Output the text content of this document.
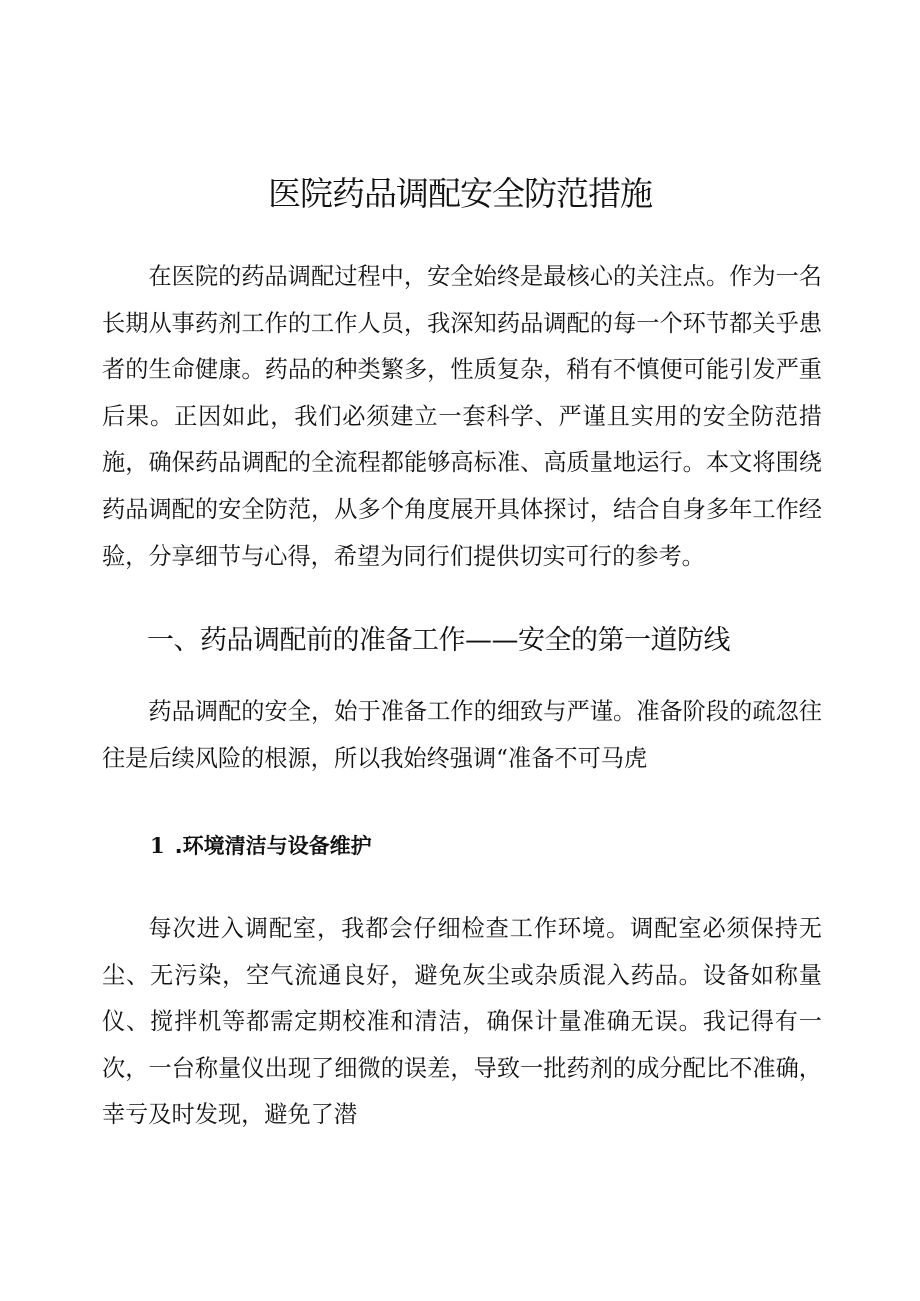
医院药品调配安全防范措施

在医院的药品调配过程中，安全始终是最核心的关注点。作为一名长期从事药剂工作的工作人员，我深知药品调配的每一个环节都关乎患者的生命健康。药品的种类繁多，性质复杂，稍有不慎便可能引发严重后果。正因如此，我们必须建立一套科学、严谨且实用的安全防范措施，确保药品调配的全流程都能够高标准、高质量地运行。本文将围绕药品调配的安全防范，从多个角度展开具体探讨，结合自身多年工作经验，分享细节与心得，希望为同行们提供切实可行的参考。

一、药品调配前的准备工作——安全的第一道防线

药品调配的安全，始于准备工作的细致与严谨。准备阶段的疏忽往往是后续风险的根源，所以我始终强调“准备不可马虎

1 .环境清洁与设备维护

每次进入调配室，我都会仔细检查工作环境。调配室必须保持无尘、无污染，空气流通良好，避免灰尘或杂质混入药品。设备如称量仪、搅拌机等都需定期校准和清洁，确保计量准确无误。我记得有一次，一台称量仪出现了细微的误差，导致一批药剂的成分配比不准确，幸亏及时发现，避免了潜
